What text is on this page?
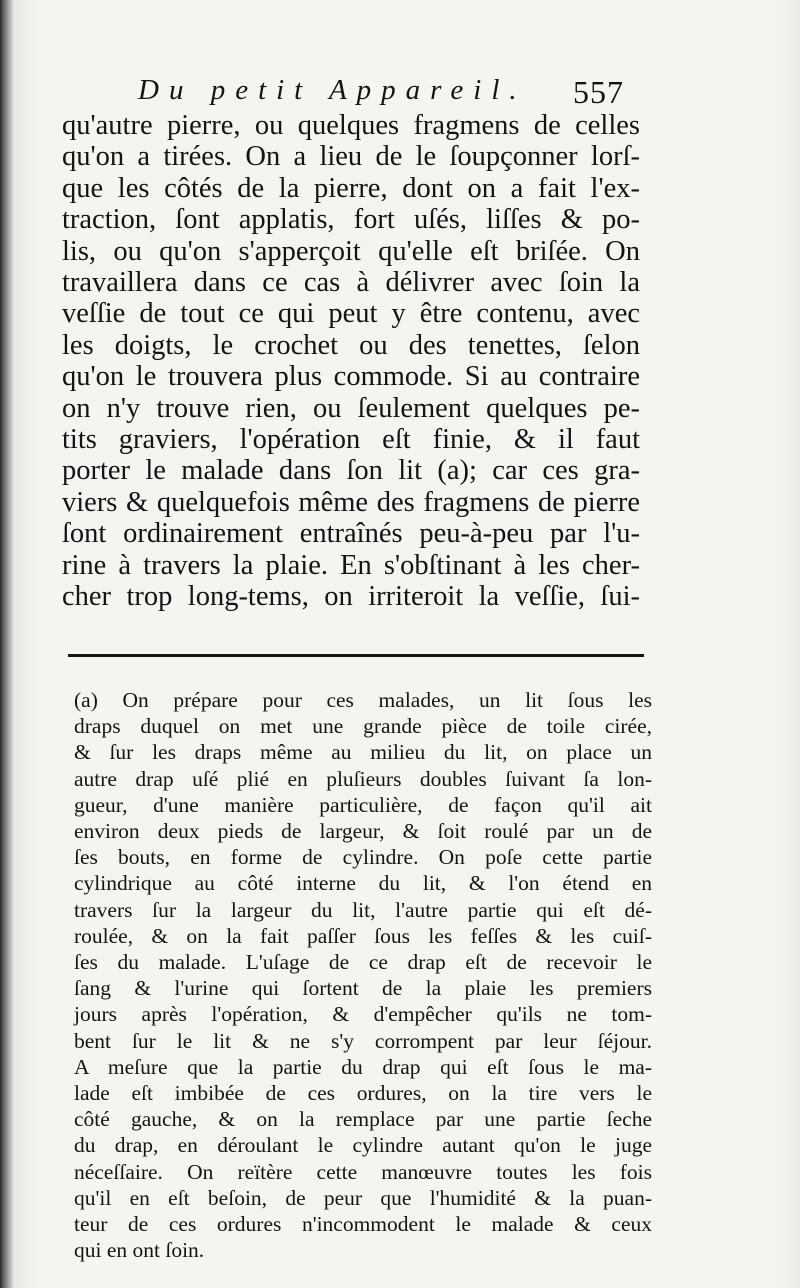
Du petit Appareil. 557
qu'autre pierre, ou quelques fragmens de celles
qu'on a tirées. On a lieu de le ſoupçonner lorſ-
que les côtés de la pierre, dont on a fait l'ex-
traction, ſont applatis, fort uſés, liſſes & po-
lis, ou qu'on s'apperçoit qu'elle eſt briſée. On
travaillera dans ce cas à délivrer avec ſoin la
veſſie de tout ce qui peut y être contenu, avec
les doigts, le crochet ou des tenettes, ſelon
qu'on le trouvera plus commode. Si au contraire
on n'y trouve rien, ou ſeulement quelques pe-
tits graviers, l'opération eſt finie, & il faut
porter le malade dans ſon lit (a); car ces gra-
viers & quelquefois même des fragmens de pierre
ſont ordinairement entraînés peu-à-peu par l'u-
rine à travers la plaie. En s'obſtinant à les cher-
cher trop long-tems, on irriteroit la veſſie, ſui-
(a) On prépare pour ces malades, un lit ſous les
draps duquel on met une grande pièce de toile cirée,
& ſur les draps même au milieu du lit, on place un
autre drap uſé plié en pluſieurs doubles ſuivant ſa lon-
gueur, d'une manière particulière, de façon qu'il ait
environ deux pieds de largeur, & ſoit roulé par un de
ſes bouts, en forme de cylindre. On poſe cette partie
cylindrique au côté interne du lit, & l'on étend en
travers ſur la largeur du lit, l'autre partie qui eſt dé-
roulée, & on la fait paſſer ſous les feſſes & les cuiſ-
ſes du malade. L'uſage de ce drap eſt de recevoir le
ſang & l'urine qui ſortent de la plaie les premiers
jours après l'opération, & d'empêcher qu'ils ne tom-
bent ſur le lit & ne s'y corrompent par leur ſéjour.
A meſure que la partie du drap qui eſt ſous le ma-
lade eſt imbibée de ces ordures, on la tire vers le
côté gauche, & on la remplace par une partie ſeche
du drap, en déroulant le cylindre autant qu'on le juge
néceſſaire. On reïtère cette manœuvre toutes les fois
qu'il en eſt beſoin, de peur que l'humidité & la puan-
teur de ces ordures n'incommodent le malade & ceux
qui en ont ſoin.
